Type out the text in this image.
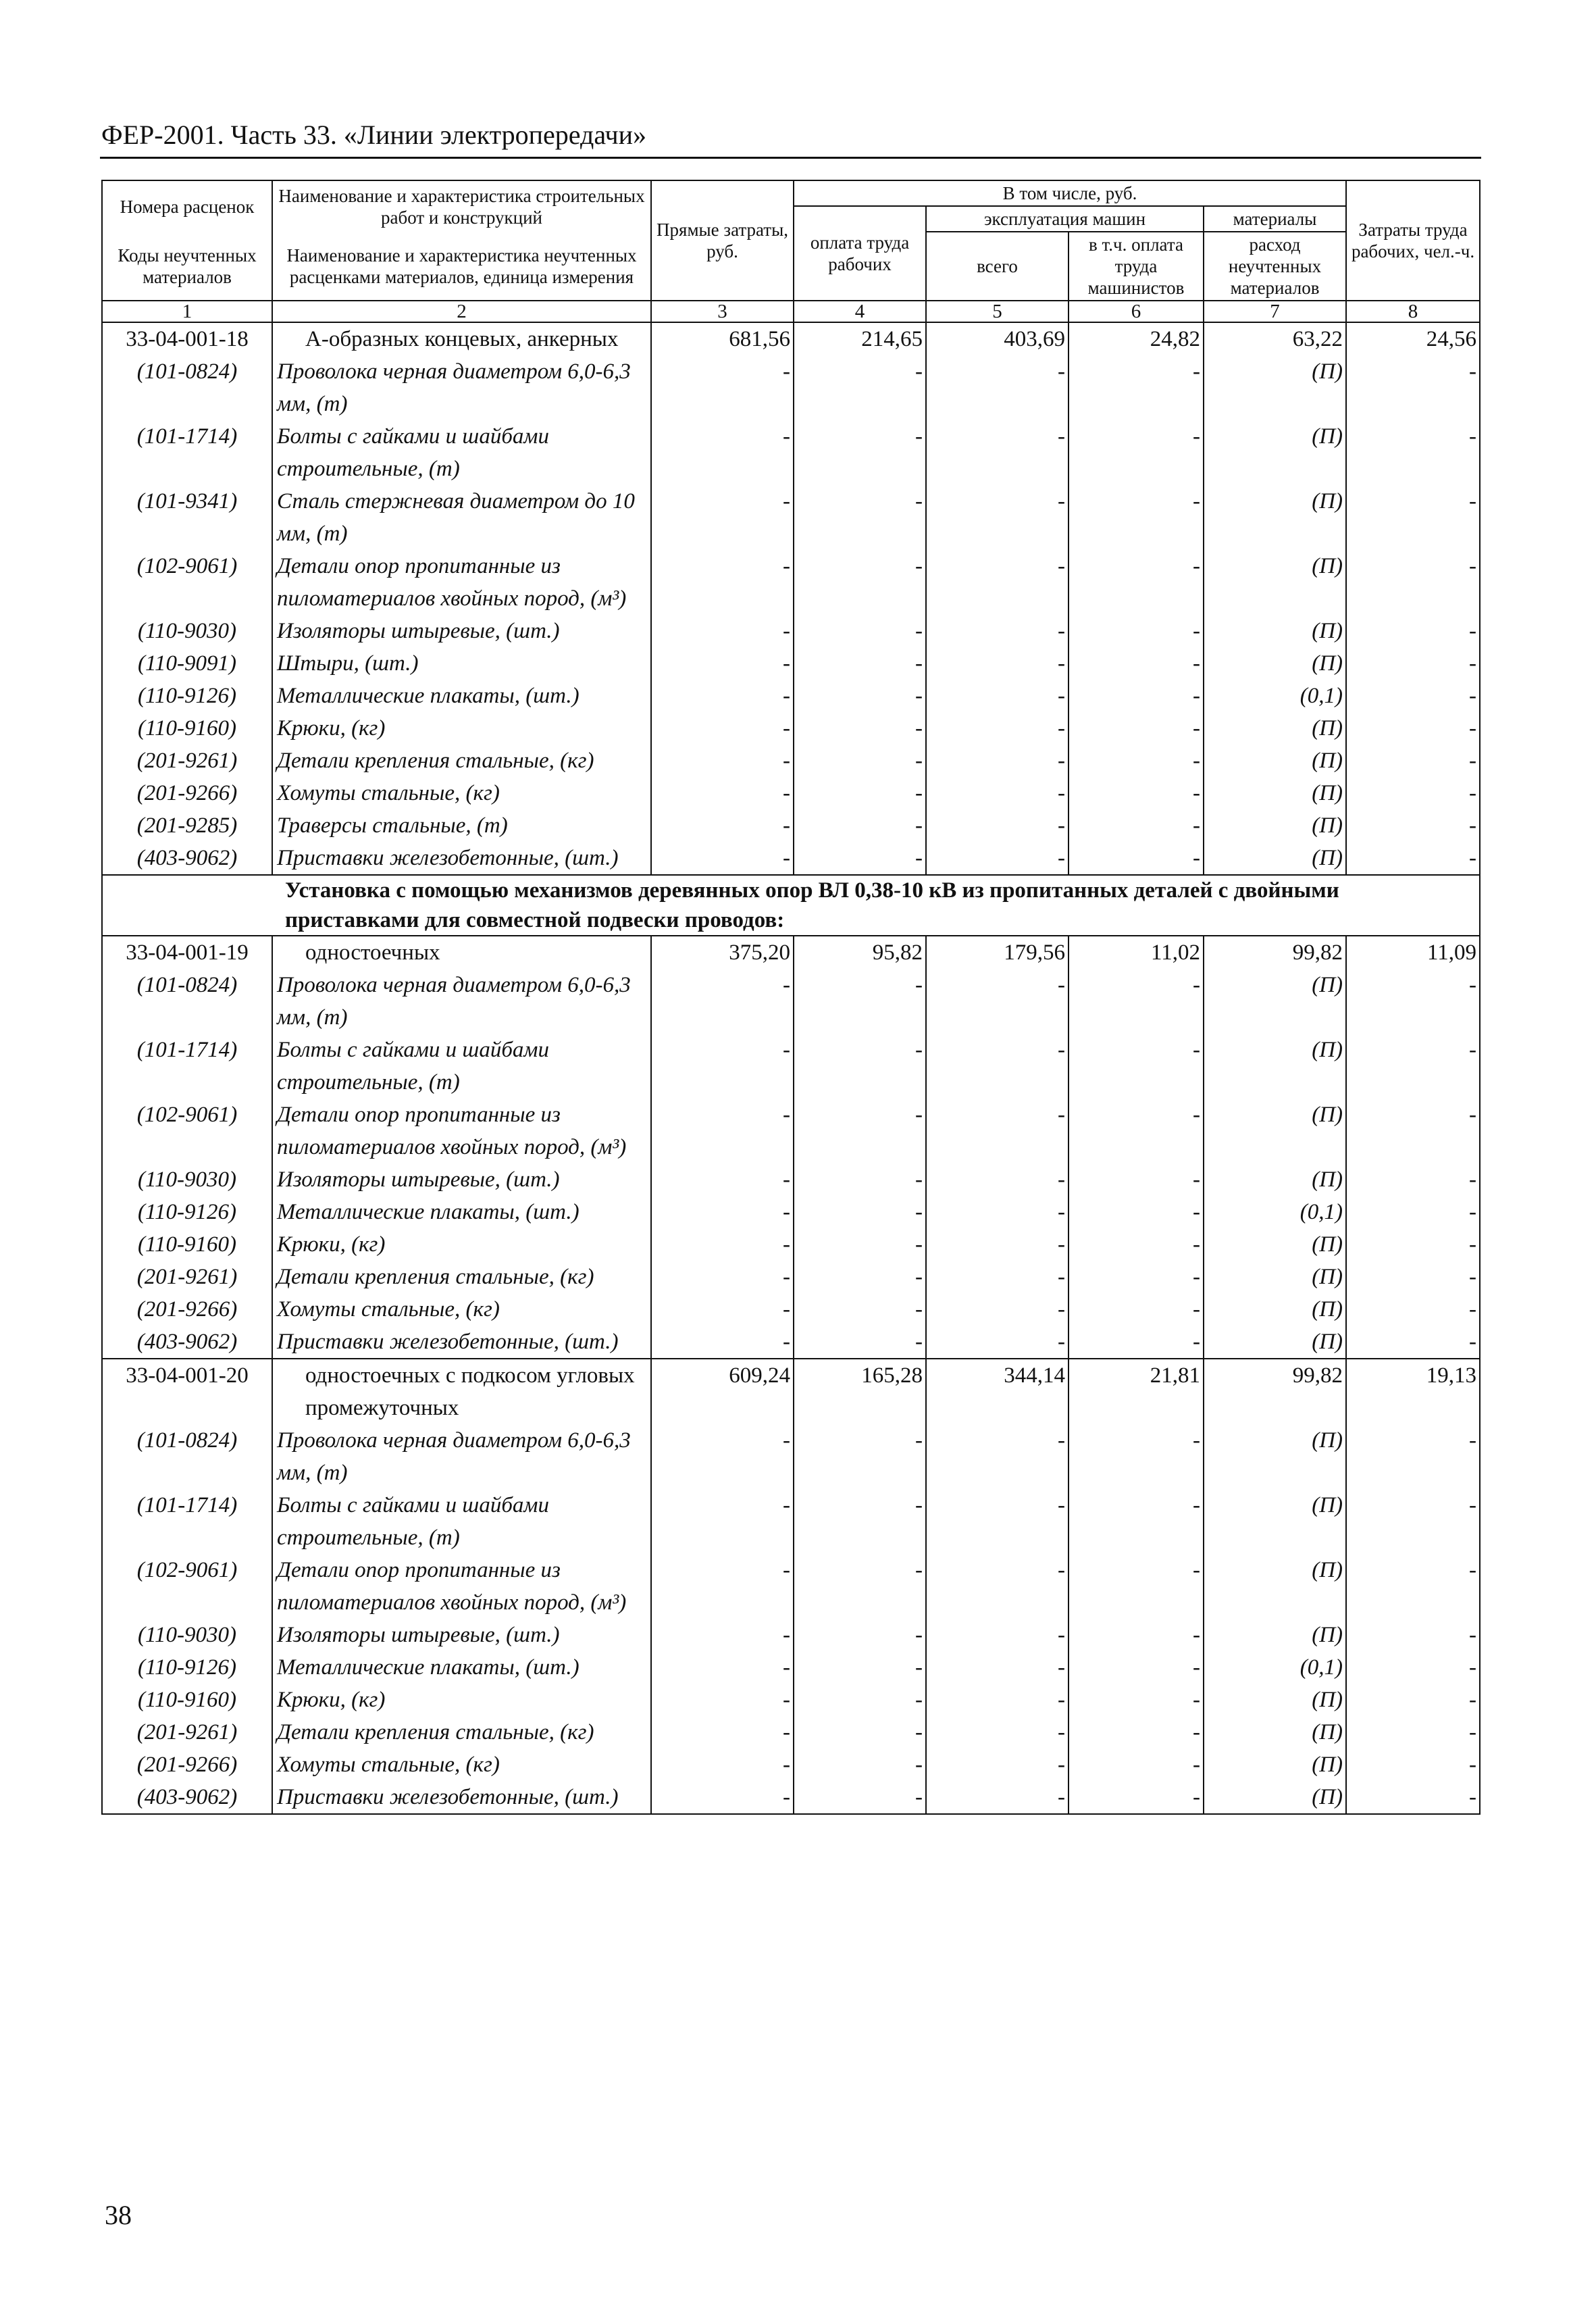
ФЕР-2001. Часть 33. «Линии электропередачи»
Номера расценок	Наименование и характеристика строительных работ и конструкций	Прямые затраты, руб.	В том числе, руб.				Затраты труда рабочих, чел.-ч.
			оплата труда рабочих	эксплуатация машин		материалы	
Коды неучтенных материалов	Наименование и характеристика неучтенных расценками материалов, единица измерения			всего	в т.ч. оплата труда машинистов	расход неучтенных материалов	

1	2	3	4	5	6	7	8
33-04-001-18	А-образных концевых, анкерных	681,56	214,65	403,69	24,82	63,22	24,56
(101-0824)	Проволока черная диаметром 6,0-6,3 мм, (т)	-	-	-	-	(П)	-
(101-1714)	Болты с гайками и шайбами строительные, (т)	-	-	-	-	(П)	-
(101-9341)	Сталь стержневая диаметром до 10 мм, (т)	-	-	-	-	(П)	-
(102-9061)	Детали опор пропитанные из пиломатериалов хвойных пород, (м³)	-	-	-	-	(П)	-
(110-9030)	Изоляторы штыревые, (шт.)	-	-	-	-	(П)	-
(110-9091)	Штыри, (шт.)	-	-	-	-	(П)	-
(110-9126)	Металлические плакаты, (шт.)	-	-	-	-	(0,1)	-
(110-9160)	Крюки, (кг)	-	-	-	-	(П)	-
(201-9261)	Детали крепления стальные, (кг)	-	-	-	-	(П)	-
(201-9266)	Хомуты стальные, (кг)	-	-	-	-	(П)	-
(201-9285)	Траверсы стальные, (т)	-	-	-	-	(П)	-
(403-9062)	Приставки железобетонные, (шт.)	-	-	-	-	(П)	-
Установка с помощью механизмов деревянных опор ВЛ 0,38-10 кВ из пропитанных деталей с двойными приставками для совместной подвески проводов:							
33-04-001-19	одностоечных	375,20	95,82	179,56	11,02	99,82	11,09
(101-0824)	Проволока черная диаметром 6,0-6,3 мм, (т)	-	-	-	-	(П)	-
(101-1714)	Болты с гайками и шайбами строительные, (т)	-	-	-	-	(П)	-
(102-9061)	Детали опор пропитанные из пиломатериалов хвойных пород, (м³)	-	-	-	-	(П)	-
(110-9030)	Изоляторы штыревые, (шт.)	-	-	-	-	(П)	-
(110-9126)	Металлические плакаты, (шт.)	-	-	-	-	(0,1)	-
(110-9160)	Крюки, (кг)	-	-	-	-	(П)	-
(201-9261)	Детали крепления стальные, (кг)	-	-	-	-	(П)	-
(201-9266)	Хомуты стальные, (кг)	-	-	-	-	(П)	-
(403-9062)	Приставки железобетонные, (шт.)	-	-	-	-	(П)	-
33-04-001-20	одностоечных с подкосом угловых промежуточных	609,24	165,28	344,14	21,81	99,82	19,13
(101-0824)	Проволока черная диаметром 6,0-6,3 мм, (т)	-	-	-	-	(П)	-
(101-1714)	Болты с гайками и шайбами строительные, (т)	-	-	-	-	(П)	-
(102-9061)	Детали опор пропитанные из пиломатериалов хвойных пород, (м³)	-	-	-	-	(П)	-
(110-9030)	Изоляторы штыревые, (шт.)	-	-	-	-	(П)	-
(110-9126)	Металлические плакаты, (шт.)	-	-	-	-	(0,1)	-
(110-9160)	Крюки, (кг)	-	-	-	-	(П)	-
(201-9261)	Детали крепления стальные, (кг)	-	-	-	-	(П)	-
(201-9266)	Хомуты стальные, (кг)	-	-	-	-	(П)	-
(403-9062)	Приставки железобетонные, (шт.)	-	-	-	-	(П)	-
38
